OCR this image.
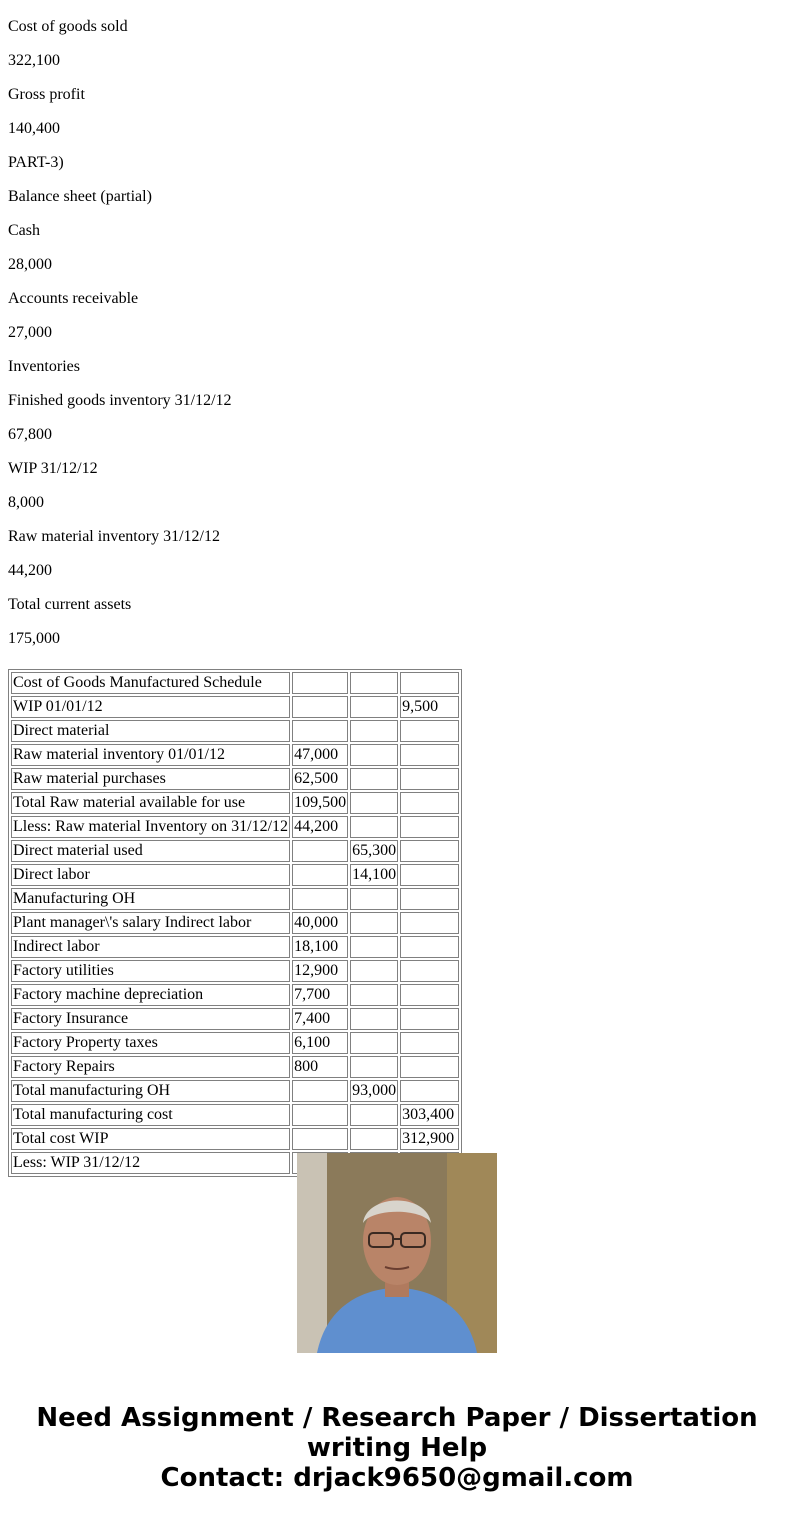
Cost of goods sold

322,100

Gross profit

140,400

PART-3)

Balance sheet (partial)

Cash

28,000

Accounts receivable

27,000

Inventories

Finished goods inventory 31/12/12

67,800

WIP 31/12/12

8,000

Raw material inventory 31/12/12

44,200

Total current assets

175,000

Cost of Goods Manufactured Schedule			
WIP 01/01/12			9,500
Direct material			
Raw material inventory 01/01/12	47,000		
Raw material purchases	62,500		
Total Raw material available for use	109,500		
Lless: Raw material Inventory on 31/12/12	44,200		
Direct material used		65,300	
Direct labor		14,100	
Manufacturing OH			
Plant manager\'s salary Indirect labor	40,000		
Indirect labor	18,100		
Factory utilities	12,900		
Factory machine depreciation	7,700		
Factory Insurance	7,400		
Factory Property taxes	6,100		
Factory Repairs	800		
Total manufacturing OH		93,000	
Total manufacturing cost			303,400
Total cost WIP			312,900
Less: WIP 31/12/12			
Need Assignment / Research Paper / Dissertation
writing Help
Contact: drjack9650@gmail.com
